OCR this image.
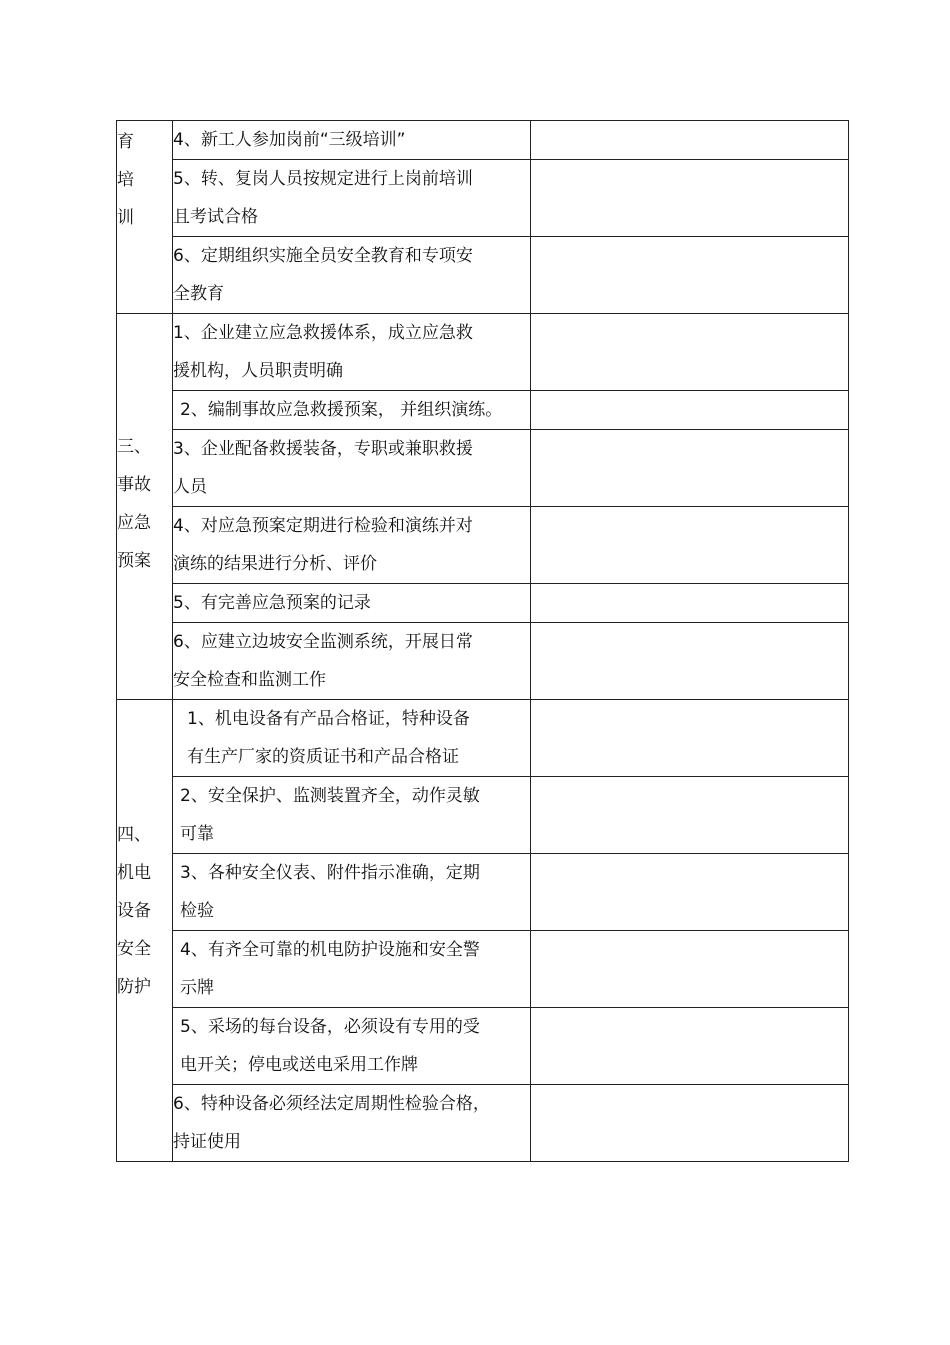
育
培
训	4、新工人参加岗前“三级培训”	

	5、转、复岗人员按规定进行上岗前培训
且考试合格	

	6、定期组织实施全员安全教育和专项安
全教育	

三、
事故
应急
预案	1、企业建立应急救援体系，成立应急救
援机构，人员职责明确	

	2、编制事故应急救援预案， 并组织演练。	

	3、企业配备救援装备，专职或兼职救援
人员	

	4、对应急预案定期进行检验和演练并对
演练的结果进行分析、评价	

	5、有完善应急预案的记录	

	6、应建立边坡安全监测系统，开展日常
安全检查和监测工作	

四、
机电
设备
安全
防护	1、机电设备有产品合格证，特种设备
有生产厂家的资质证书和产品合格证	

	2、安全保护、监测装置齐全，动作灵敏
可靠	

	3、各种安全仪表、附件指示准确，定期
检验	

	4、有齐全可靠的机电防护设施和安全警
示牌	

	5、采场的每台设备，必须设有专用的受
电开关；停电或送电采用工作牌	

	6、特种设备必须经法定周期性检验合格，
持证使用	
